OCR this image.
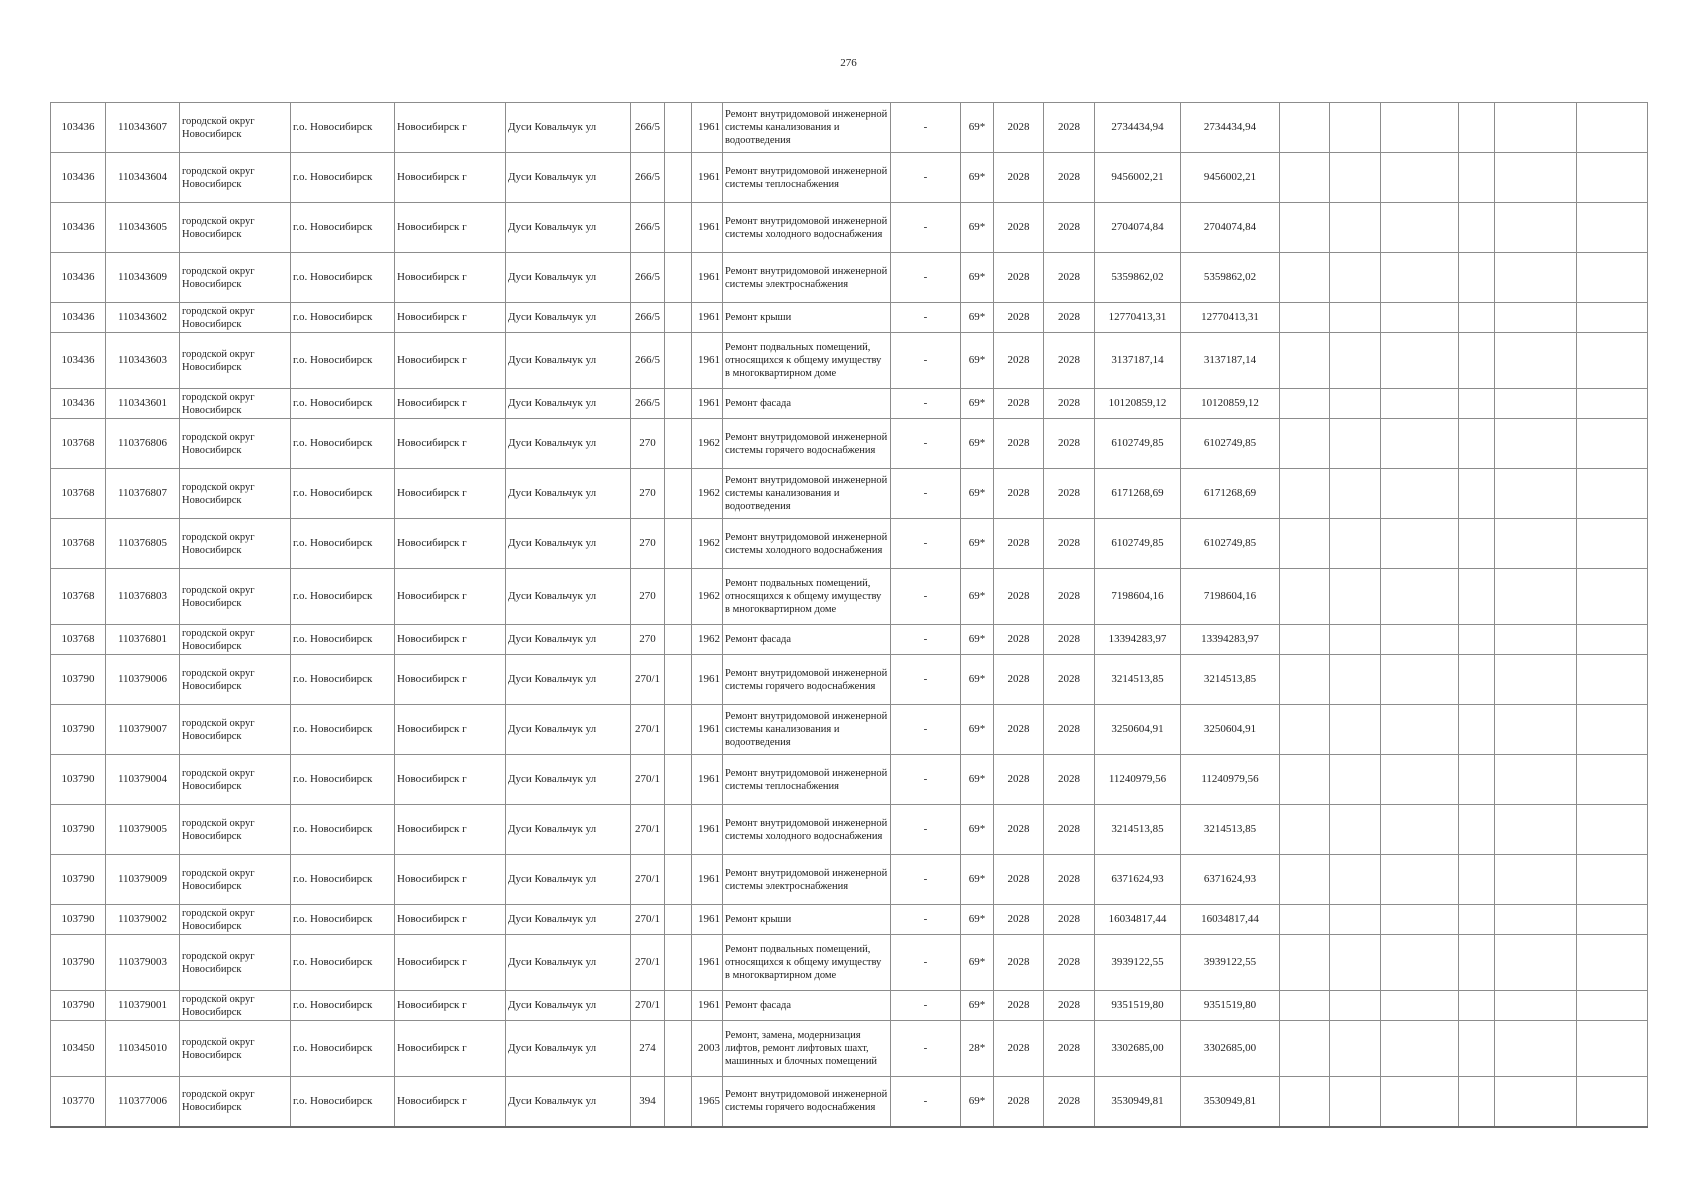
276
103436	110343607	городской округ Новосибирск	г.о. Новосибирск	Новосибирск г	Дуси Ковальчук ул	266/5		1961	Ремонт внутридомовой инженерной системы канализования и водоотведения	-	69*	2028	2028	2734434,94	2734434,94						
103436	110343604	городской округ Новосибирск	г.о. Новосибирск	Новосибирск г	Дуси Ковальчук ул	266/5		1961	Ремонт внутридомовой инженерной системы теплоснабжения	-	69*	2028	2028	9456002,21	9456002,21						
103436	110343605	городской округ Новосибирск	г.о. Новосибирск	Новосибирск г	Дуси Ковальчук ул	266/5		1961	Ремонт внутридомовой инженерной системы холодного водоснабжения	-	69*	2028	2028	2704074,84	2704074,84						
103436	110343609	городской округ Новосибирск	г.о. Новосибирск	Новосибирск г	Дуси Ковальчук ул	266/5		1961	Ремонт внутридомовой инженерной системы электроснабжения	-	69*	2028	2028	5359862,02	5359862,02						
103436	110343602	городской округ Новосибирск	г.о. Новосибирск	Новосибирск г	Дуси Ковальчук ул	266/5		1961	Ремонт крыши	-	69*	2028	2028	12770413,31	12770413,31						
103436	110343603	городской округ Новосибирск	г.о. Новосибирск	Новосибирск г	Дуси Ковальчук ул	266/5		1961	Ремонт подвальных помещений, относящихся к общему имуществу в многоквартирном доме	-	69*	2028	2028	3137187,14	3137187,14						
103436	110343601	городской округ Новосибирск	г.о. Новосибирск	Новосибирск г	Дуси Ковальчук ул	266/5		1961	Ремонт фасада	-	69*	2028	2028	10120859,12	10120859,12						
103768	110376806	городской округ Новосибирск	г.о. Новосибирск	Новосибирск г	Дуси Ковальчук ул	270		1962	Ремонт внутридомовой инженерной системы горячего водоснабжения	-	69*	2028	2028	6102749,85	6102749,85						
103768	110376807	городской округ Новосибирск	г.о. Новосибирск	Новосибирск г	Дуси Ковальчук ул	270		1962	Ремонт внутридомовой инженерной системы канализования и водоотведения	-	69*	2028	2028	6171268,69	6171268,69						
103768	110376805	городской округ Новосибирск	г.о. Новосибирск	Новосибирск г	Дуси Ковальчук ул	270		1962	Ремонт внутридомовой инженерной системы холодного водоснабжения	-	69*	2028	2028	6102749,85	6102749,85						
103768	110376803	городской округ Новосибирск	г.о. Новосибирск	Новосибирск г	Дуси Ковальчук ул	270		1962	Ремонт подвальных помещений, относящихся к общему имуществу в многоквартирном доме	-	69*	2028	2028	7198604,16	7198604,16						
103768	110376801	городской округ Новосибирск	г.о. Новосибирск	Новосибирск г	Дуси Ковальчук ул	270		1962	Ремонт фасада	-	69*	2028	2028	13394283,97	13394283,97						
103790	110379006	городской округ Новосибирск	г.о. Новосибирск	Новосибирск г	Дуси Ковальчук ул	270/1		1961	Ремонт внутридомовой инженерной системы горячего водоснабжения	-	69*	2028	2028	3214513,85	3214513,85						
103790	110379007	городской округ Новосибирск	г.о. Новосибирск	Новосибирск г	Дуси Ковальчук ул	270/1		1961	Ремонт внутридомовой инженерной системы канализования и водоотведения	-	69*	2028	2028	3250604,91	3250604,91						
103790	110379004	городской округ Новосибирск	г.о. Новосибирск	Новосибирск г	Дуси Ковальчук ул	270/1		1961	Ремонт внутридомовой инженерной системы теплоснабжения	-	69*	2028	2028	11240979,56	11240979,56						
103790	110379005	городской округ Новосибирск	г.о. Новосибирск	Новосибирск г	Дуси Ковальчук ул	270/1		1961	Ремонт внутридомовой инженерной системы холодного водоснабжения	-	69*	2028	2028	3214513,85	3214513,85						
103790	110379009	городской округ Новосибирск	г.о. Новосибирск	Новосибирск г	Дуси Ковальчук ул	270/1		1961	Ремонт внутридомовой инженерной системы электроснабжения	-	69*	2028	2028	6371624,93	6371624,93						
103790	110379002	городской округ Новосибирск	г.о. Новосибирск	Новосибирск г	Дуси Ковальчук ул	270/1		1961	Ремонт крыши	-	69*	2028	2028	16034817,44	16034817,44						
103790	110379003	городской округ Новосибирск	г.о. Новосибирск	Новосибирск г	Дуси Ковальчук ул	270/1		1961	Ремонт подвальных помещений, относящихся к общему имуществу в многоквартирном доме	-	69*	2028	2028	3939122,55	3939122,55						
103790	110379001	городской округ Новосибирск	г.о. Новосибирск	Новосибирск г	Дуси Ковальчук ул	270/1		1961	Ремонт фасада	-	69*	2028	2028	9351519,80	9351519,80						
103450	110345010	городской округ Новосибирск	г.о. Новосибирск	Новосибирск г	Дуси Ковальчук ул	274		2003	Ремонт, замена, модернизация лифтов, ремонт лифтовых шахт, машинных и блочных помещений	-	28*	2028	2028	3302685,00	3302685,00						
103770	110377006	городской округ Новосибирск	г.о. Новосибирск	Новосибирск г	Дуси Ковальчук ул	394		1965	Ремонт внутридомовой инженерной системы горячего водоснабжения	-	69*	2028	2028	3530949,81	3530949,81						
